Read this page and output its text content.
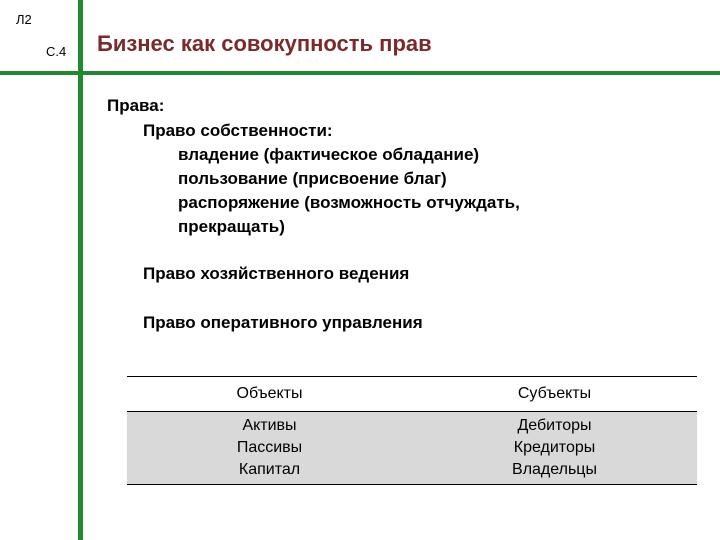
Л2
С.4 Бизнес как совокупность прав
Права:
Право собственности:
владение (фактическое обладание)
пользование (присвоение благ)
распоряжение (возможность отчуждать,
прекращать)
Право хозяйственного ведения
Право оперативного управления
Объекты	Субъекты
Активы
Пассивы
Капитал
Дебиторы
Кредиторы
Владельцы
